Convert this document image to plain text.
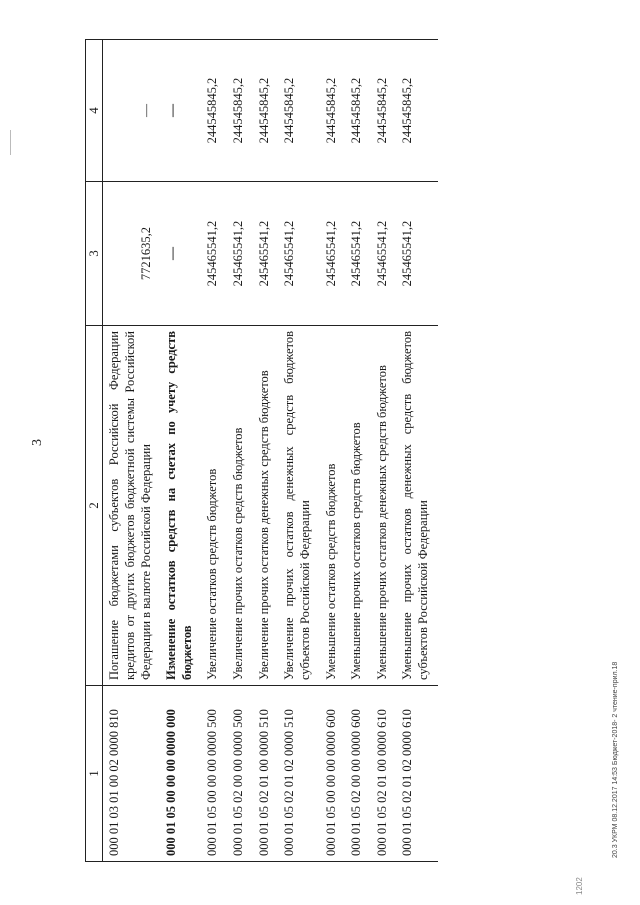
3
20.3 УКРМ 08.12.2017 14:53 Бюджет-2018- 2 чтение-прил.18
1202
1	2	3	4
000 01 03 01 00 02 0000 810	Погашение бюджетами субъектов Российской Федерации кредитов от других бюджетов бюджетной системы Российской Федерации в валюте Российской Федерации	7721635,2	—
000 01 05 00 00 00 0000 000	Изменение остатков средств на счетах по учету средств бюджетов	—	—
000 01 05 00 00 00 0000 500	Увеличение остатков средств бюджетов	245465541,2	244545845,2
000 01 05 02 00 00 0000 500	Увеличение прочих остатков средств бюджетов	245465541,2	244545845,2
000 01 05 02 01 00 0000 510	Увеличение прочих остатков денежных средств бюджетов	245465541,2	244545845,2
000 01 05 02 01 02 0000 510	Увеличение прочих остатков денежных средств бюджетов субъектов Российской Федерации	245465541,2	244545845,2
000 01 05 00 00 00 0000 600	Уменьшение остатков средств бюджетов	245465541,2	244545845,2
000 01 05 02 00 00 0000 600	Уменьшение прочих остатков средств бюджетов	245465541,2	244545845,2
000 01 05 02 01 00 0000 610	Уменьшение прочих остатков денежных средств бюджетов	245465541,2	244545845,2
000 01 05 02 01 02 0000 610	Уменьшение прочих остатков денежных средств бюджетов субъектов Российской Федерации	245465541,2	244545845,2
